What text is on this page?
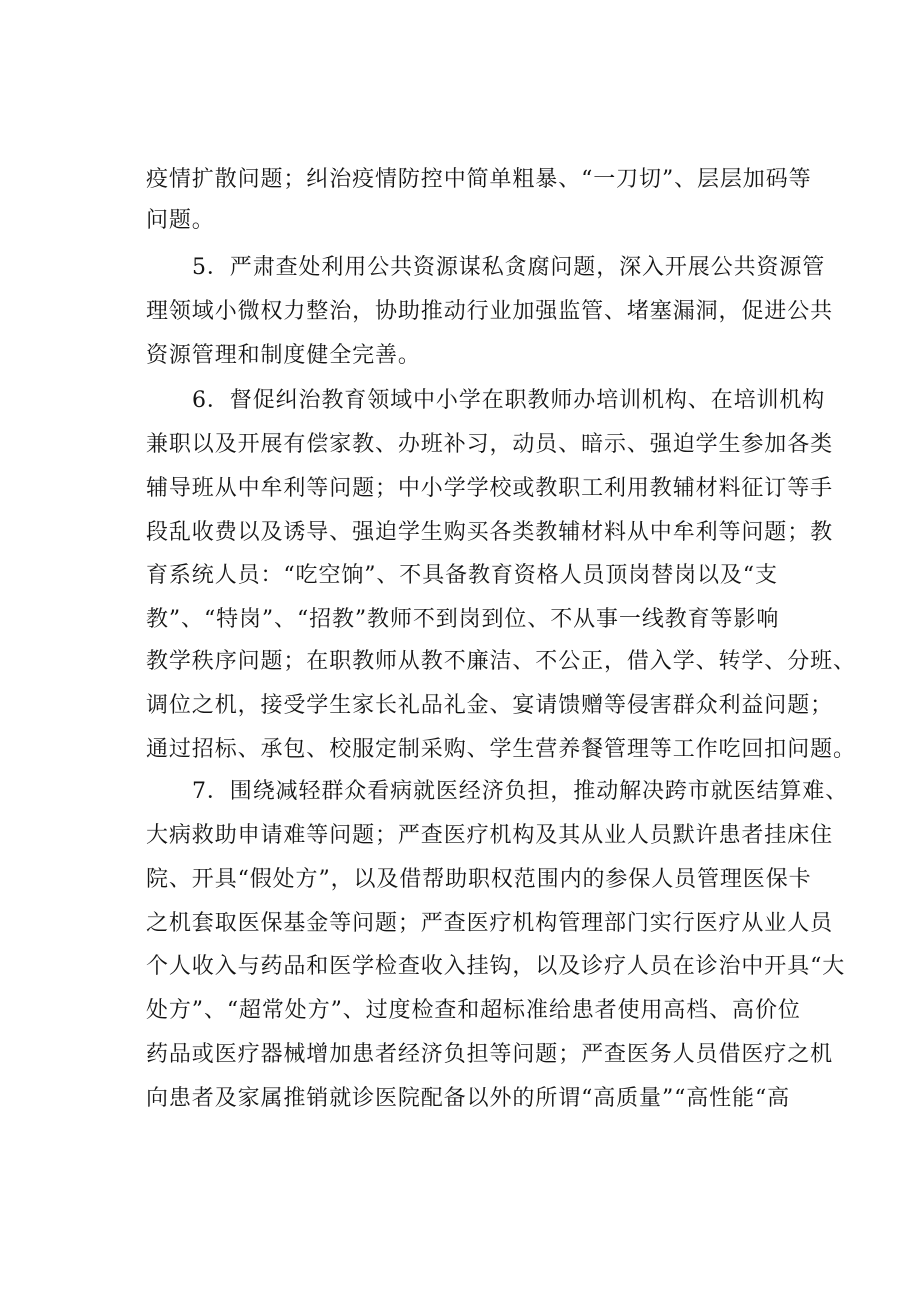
疫情扩散问题；纠治疫情防控中简单粗暴、“一刀切”、层层加码等
问题。
5．严肃查处利用公共资源谋私贪腐问题，深入开展公共资源管
理领域小微权力整治，协助推动行业加强监管、堵塞漏洞，促进公共
资源管理和制度健全完善。
6．督促纠治教育领域中小学在职教师办培训机构、在培训机构
兼职以及开展有偿家教、办班补习，动员、暗示、强迫学生参加各类
辅导班从中牟利等问题；中小学学校或教职工利用教辅材料征订等手
段乱收费以及诱导、强迫学生购买各类教辅材料从中牟利等问题；教
育系统人员：“吃空饷”、不具备教育资格人员顶岗替岗以及“支
教”、“特岗”、“招教”教师不到岗到位、不从事一线教育等影响
教学秩序问题；在职教师从教不廉洁、不公正，借入学、转学、分班、
调位之机，接受学生家长礼品礼金、宴请馈赠等侵害群众利益问题；
通过招标、承包、校服定制采购、学生营养餐管理等工作吃回扣问题。
7．围绕减轻群众看病就医经济负担，推动解决跨市就医结算难、
大病救助申请难等问题；严查医疗机构及其从业人员默许患者挂床住
院、开具“假处方”，以及借帮助职权范围内的参保人员管理医保卡
之机套取医保基金等问题；严查医疗机构管理部门实行医疗从业人员
个人收入与药品和医学检查收入挂钩，以及诊疗人员在诊治中开具“大
处方”、“超常处方”、过度检查和超标准给患者使用高档、高价位
药品或医疗器械增加患者经济负担等问题；严查医务人员借医疗之机
向患者及家属推销就诊医院配备以外的所谓“高质量”“高性能“高
